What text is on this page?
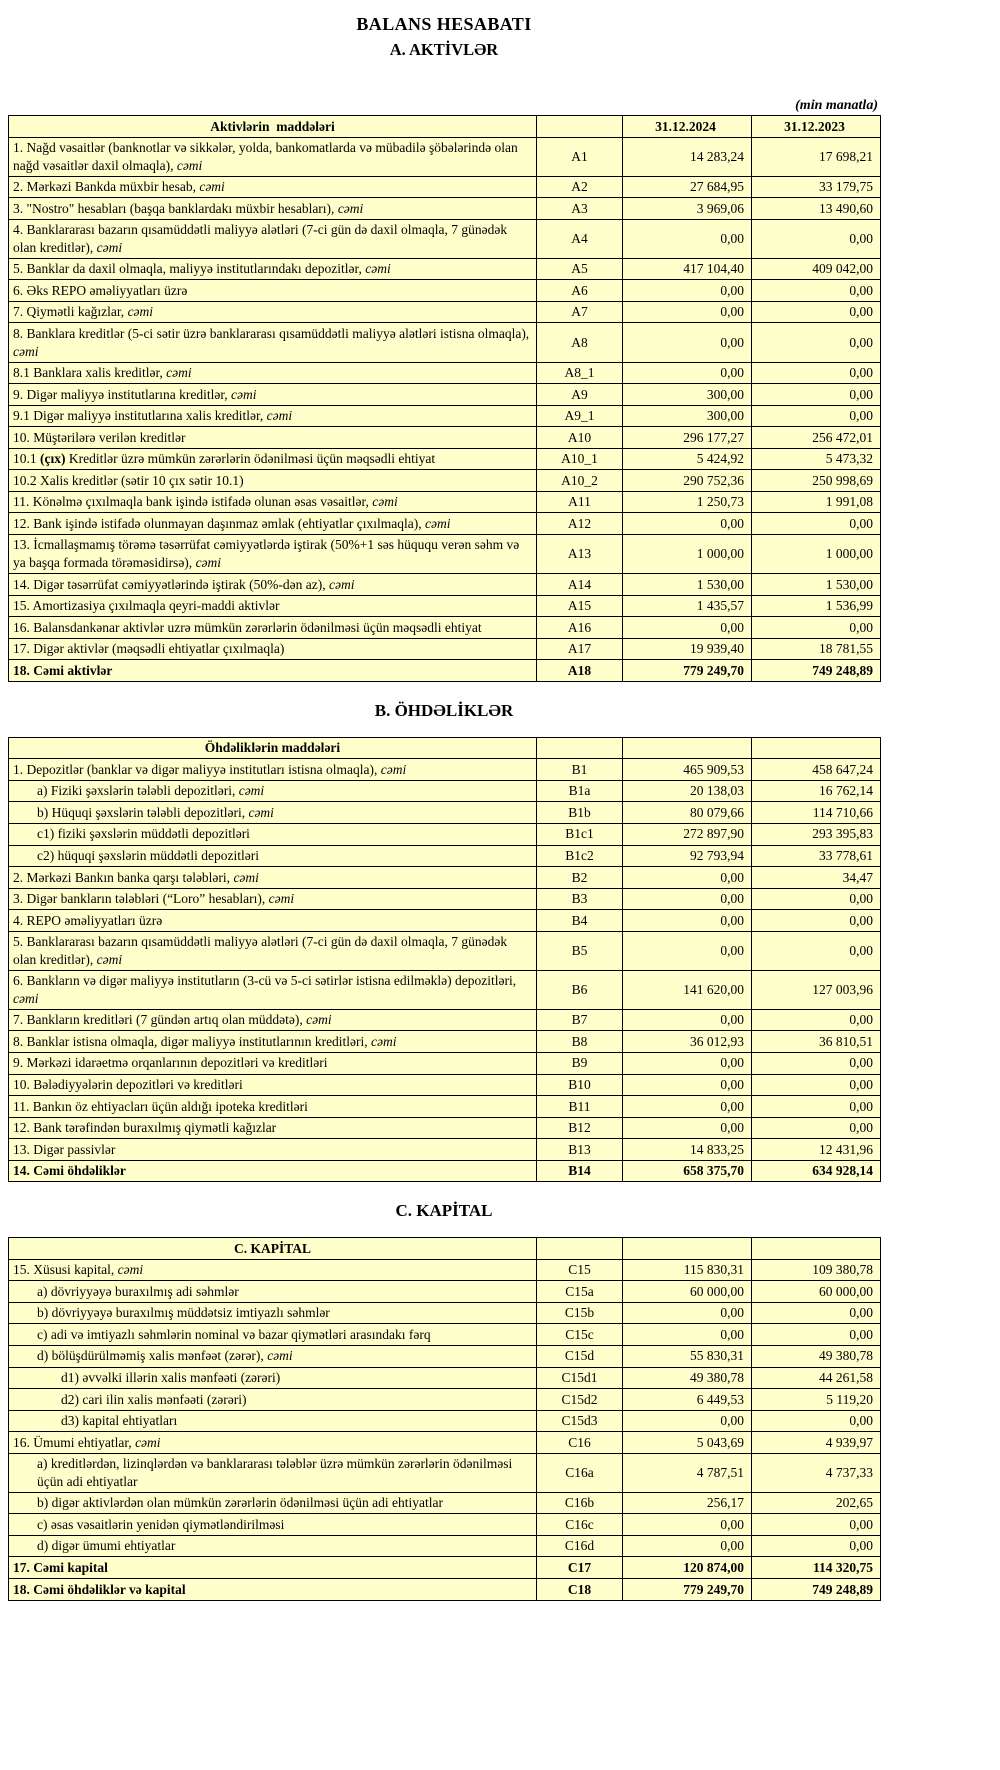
BALANS HESABATI
A. AKTİVLƏR
(min manatla)
Aktivlərin  maddələri		31.12.2024	31.12.2023
1. Nağd vəsaitlər (banknotlar və sikkələr, yolda, bankomatlarda və mübadilə şöbələrində olan nağd vəsaitlər daxil olmaqla), cəmi	A1	14 283,24	17 698,21
2. Mərkəzi Bankda müxbir hesab, cəmi	A2	27 684,95	33 179,75
3. "Nostro" hesabları (başqa banklardakı müxbir hesabları), cəmi	A3	3 969,06	13 490,60
4. Banklararası bazarın qısamüddətli maliyyə alətləri (7-ci gün də daxil olmaqla, 7 günədək olan kreditlər), cəmi	A4	0,00	0,00
5. Banklar da daxil olmaqla, maliyyə institutlarındakı depozitlər, cəmi	A5	417 104,40	409 042,00
6. Əks REPO əməliyyatları üzrə	A6	0,00	0,00
7. Qiymətli kağızlar, cəmi	A7	0,00	0,00
8. Banklara kreditlər (5-ci sətir üzrə banklararası qısamüddətli maliyyə alətləri istisna olmaqla), cəmi	A8	0,00	0,00
8.1 Banklara xalis kreditlər, cəmi	A8_1	0,00	0,00
9. Digər maliyyə institutlarına kreditlər, cəmi	A9	300,00	0,00
9.1 Digər maliyyə institutlarına xalis kreditlər, cəmi	A9_1	300,00	0,00
10. Müştərilərə verilən kreditlər	A10	296 177,27	256 472,01
10.1 (çıx) Kreditlər üzrə mümkün zərərlərin ödənilməsi üçün məqsədli ehtiyat	A10_1	5 424,92	5 473,32
10.2 Xalis kreditlər (sətir 10 çıx sətir 10.1)	A10_2	290 752,36	250 998,69
11. Könəlmə çıxılmaqla bank işində istifadə olunan əsas vəsaitlər, cəmi	A11	1 250,73	1 991,08
12. Bank işində istifadə olunmayan daşınmaz əmlak (ehtiyatlar çıxılmaqla), cəmi	A12	0,00	0,00
13. İcmallaşmamış törəmə təsərrüfat cəmiyyətlərdə iştirak (50%+1 səs hüququ verən səhm və ya başqa formada törəməsidirsə), cəmi	A13	1 000,00	1 000,00
14. Digər təsərrüfat cəmiyyətlərində iştirak (50%-dən az), cəmi	A14	1 530,00	1 530,00
15. Amortizasiya çıxılmaqla qeyri-maddi aktivlər	A15	1 435,57	1 536,99
16. Balansdankənar aktivlər uzrə mümkün zərərlərin ödənilməsi üçün məqsədli ehtiyat	A16	0,00	0,00
17. Digər aktivlər (məqsədli ehtiyatlar çıxılmaqla)	A17	19 939,40	18 781,55
18. Cəmi aktivlər	A18	779 249,70	749 248,89
B. ÖHDƏLİKLƏR
Öhdəliklərin maddələri			
1. Depozitlər (banklar və digər maliyyə institutları istisna olmaqla), cəmi	B1	465 909,53	458 647,24
a) Fiziki şəxslərin tələbli depozitləri, cəmi	B1a	20 138,03	16 762,14
b) Hüquqi şəxslərin tələbli depozitləri, cəmi	B1b	80 079,66	114 710,66
c1) fiziki şəxslərin müddətli depozitləri	B1c1	272 897,90	293 395,83
c2) hüquqi şəxslərin müddətli depozitləri	B1c2	92 793,94	33 778,61
2. Mərkəzi Bankın banka qarşı tələbləri, cəmi	B2	0,00	34,47
3. Digər bankların tələbləri (“Loro” hesabları), cəmi	B3	0,00	0,00
4. REPO əməliyyatları üzrə	B4	0,00	0,00
5. Banklararası bazarın qısamüddətli maliyyə alətləri (7-ci gün də daxil olmaqla, 7 günədək olan kreditlər), cəmi	B5	0,00	0,00
6. Bankların və digər maliyyə institutların (3-cü və 5-ci sətirlər istisna edilməklə) depozitləri, cəmi	B6	141 620,00	127 003,96
7. Bankların kreditləri (7 gündən artıq olan müddətə), cəmi	B7	0,00	0,00
8. Banklar istisna olmaqla, digər maliyyə institutlarının kreditləri, cəmi	B8	36 012,93	36 810,51
9. Mərkəzi idarəetmə orqanlarının depozitləri və kreditləri	B9	0,00	0,00
10. Bələdiyyələrin depozitləri və kreditləri	B10	0,00	0,00
11. Bankın öz ehtiyacları üçün aldığı ipoteka kreditləri	B11	0,00	0,00
12. Bank tərəfindən buraxılmış qiymətli kağızlar	B12	0,00	0,00
13. Digər passivlər	B13	14 833,25	12 431,96
14. Cəmi öhdəliklər	B14	658 375,70	634 928,14
C. KAPİTAL
C. KAPİTAL			
15. Xüsusi kapital, cəmi	C15	115 830,31	109 380,78
a) dövriyyəyə buraxılmış adi səhmlər	C15a	60 000,00	60 000,00
b) dövriyyəyə buraxılmış müddətsiz imtiyazlı səhmlər	C15b	0,00	0,00
c) adi və imtiyazlı səhmlərin nominal və bazar qiymətləri arasındakı fərq	C15c	0,00	0,00
d) bölüşdürülməmiş xalis mənfəət (zərər), cəmi	C15d	55 830,31	49 380,78
d1) əvvəlki illərin xalis mənfəəti (zərəri)	C15d1	49 380,78	44 261,58
d2) cari ilin xalis mənfəəti (zərəri)	C15d2	6 449,53	5 119,20
d3) kapital ehtiyatları	C15d3	0,00	0,00
16. Ümumi ehtiyatlar, cəmi	C16	5 043,69	4 939,97
a) kreditlərdən, lizinqlərdən və banklararası tələblər üzrə mümkün zərərlərin ödənilməsi üçün adi ehtiyatlar	C16a	4 787,51	4 737,33
b) digər aktivlərdən olan mümkün zərərlərin ödənilməsi üçün adi ehtiyatlar	C16b	256,17	202,65
c) əsas vəsaitlərin yenidən qiymətləndirilməsi	C16c	0,00	0,00
d) digər ümumi ehtiyatlar	C16d	0,00	0,00
17. Cəmi kapital	C17	120 874,00	114 320,75
18. Cəmi öhdəliklər və kapital	C18	779 249,70	749 248,89
